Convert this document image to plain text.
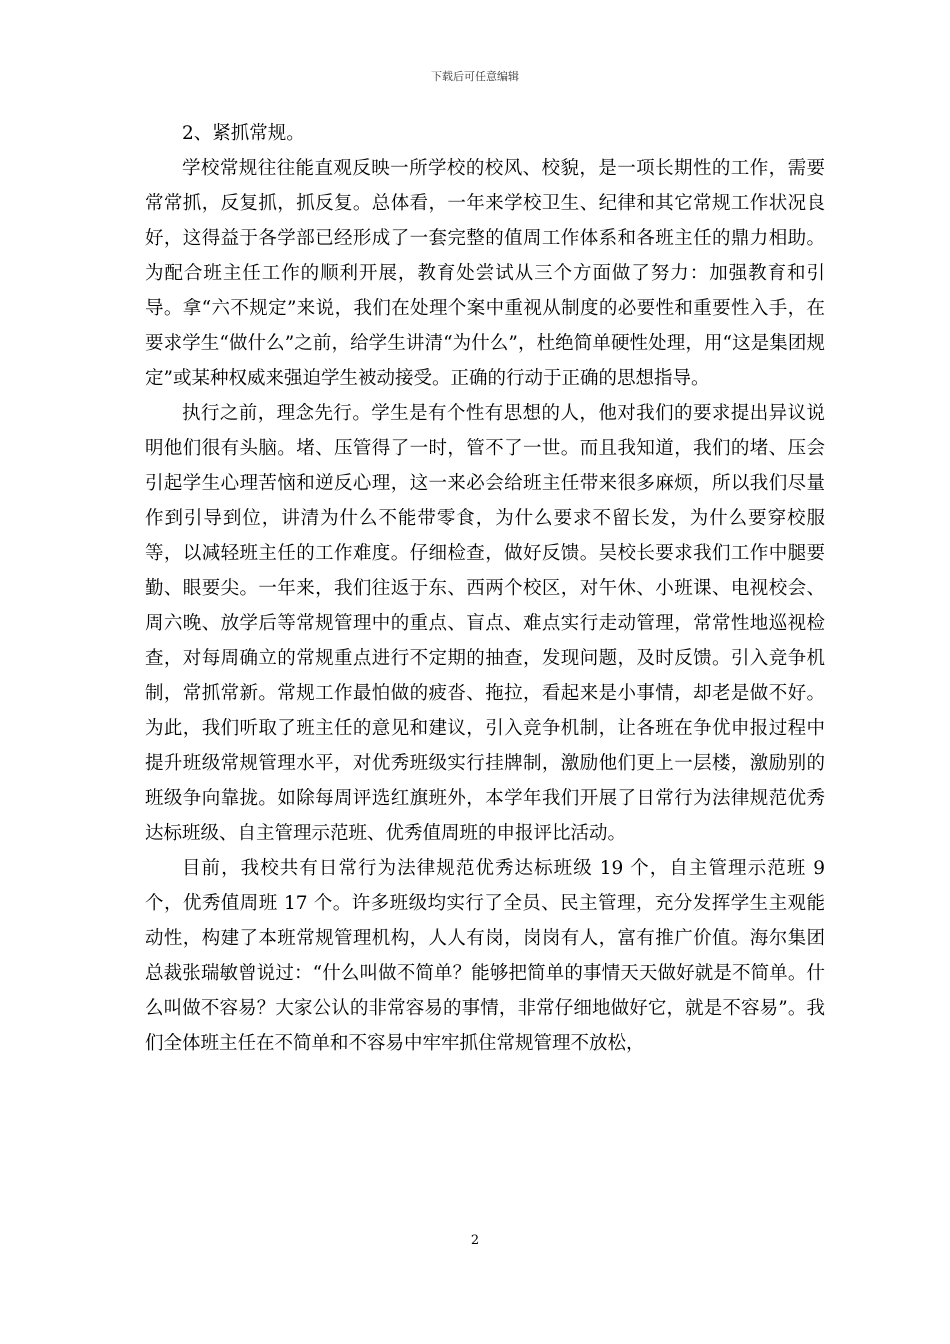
下载后可任意编辑

2、紧抓常规。

学校常规往往能直观反映一所学校的校风、校貌，是一项长期性的工作，需要常常抓，反复抓，抓反复。总体看，一年来学校卫生、纪律和其它常规工作状况良好，这得益于各学部已经形成了一套完整的值周工作体系和各班主任的鼎力相助。为配合班主任工作的顺利开展，教育处尝试从三个方面做了努力：加强教育和引导。拿“六不规定”来说，我们在处理个案中重视从制度的必要性和重要性入手，在要求学生“做什么”之前，给学生讲清“为什么”，杜绝简单硬性处理，用“这是集团规定”或某种权威来强迫学生被动接受。正确的行动于正确的思想指导。

执行之前，理念先行。学生是有个性有思想的人，他对我们的要求提出异议说明他们很有头脑。堵、压管得了一时，管不了一世。而且我知道，我们的堵、压会引起学生心理苦恼和逆反心理，这一来必会给班主任带来很多麻烦，所以我们尽量作到引导到位，讲清为什么不能带零食，为什么要求不留长发，为什么要穿校服等，以减轻班主任的工作难度。仔细检查，做好反馈。吴校长要求我们工作中腿要勤、眼要尖。一年来，我们往返于东、西两个校区，对午休、小班课、电视校会、周六晚、放学后等常规管理中的重点、盲点、难点实行走动管理，常常性地巡视检查，对每周确立的常规重点进行不定期的抽查，发现问题，及时反馈。引入竞争机制，常抓常新。常规工作最怕做的疲沓、拖拉，看起来是小事情，却老是做不好。为此，我们听取了班主任的意见和建议，引入竞争机制，让各班在争优申报过程中提升班级常规管理水平，对优秀班级实行挂牌制，激励他们更上一层楼，激励别的班级争向靠拢。如除每周评选红旗班外，本学年我们开展了日常行为法律规范优秀达标班级、自主管理示范班、优秀值周班的申报评比活动。

目前，我校共有日常行为法律规范优秀达标班级 19 个，自主管理示范班 9 个，优秀值周班 17 个。许多班级均实行了全员、民主管理，充分发挥学生主观能动性，构建了本班常规管理机构，人人有岗，岗岗有人，富有推广价值。海尔集团总裁张瑞敏曾说过：“什么叫做不简单？能够把简单的事情天天做好就是不简单。什么叫做不容易？大家公认的非常容易的事情，非常仔细地做好它，就是不容易”。我们全体班主任在不简单和不容易中牢牢抓住常规管理不放松，

2
